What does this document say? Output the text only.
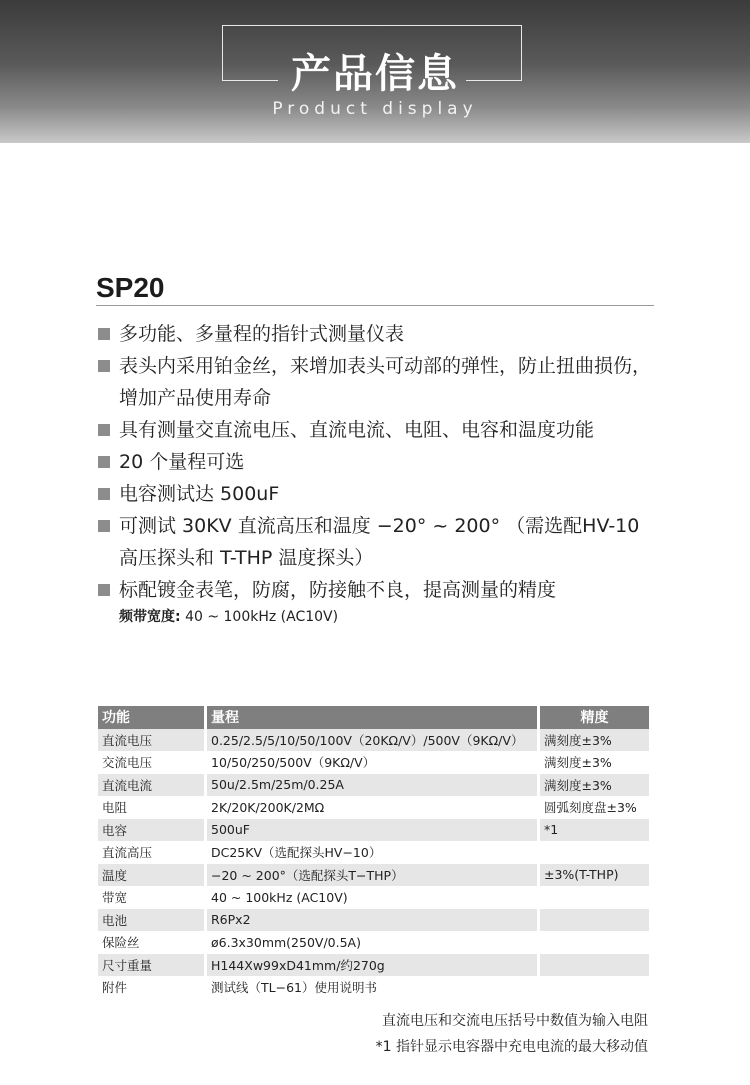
产品信息
Product display
SP20
多功能、多量程的指针式测量仪表
表头内采用铂金丝，来增加表头可动部的弹性，防止扭曲损伤，增加产品使用寿命
具有测量交直流电压、直流电流、电阻、电容和温度功能
20 个量程可选
电容测试达 500uF
可测试 30KV 直流高压和温度 −20° ~ 200° （需选配HV-10 高压探头和 T-THP 温度探头）
标配镀金表笔，防腐，防接触不良，提高测量的精度
频带宽度: 40 ~ 100kHz (AC10V)
功能	量程	精度
直流电压	0.25/2.5/5/10/50/100V（20KΩ/V）/500V（9KΩ/V）	满刻度±3%
交流电压	10/50/250/500V（9KΩ/V）	满刻度±3%
直流电流	50u/2.5m/25m/0.25A	满刻度±3%
电阻	2K/20K/200K/2MΩ	圆弧刻度盘±3%
电容	500uF	*1
直流高压	DC25KV（选配探头HV−10）	
温度	−20 ~ 200°（选配探头T−THP）	±3%(T-THP)
带宽	40 ~ 100kHz (AC10V)	
电池	R6Px2	
保险丝	ø6.3x30mm(250V/0.5A)	
尺寸重量	H144Xw99xD41mm/约270g	
附件	测试线（TL−61）使用说明书	
直流电压和交流电压括号中数值为输入电阻
*1 指针显示电容器中充电电流的最大移动值
